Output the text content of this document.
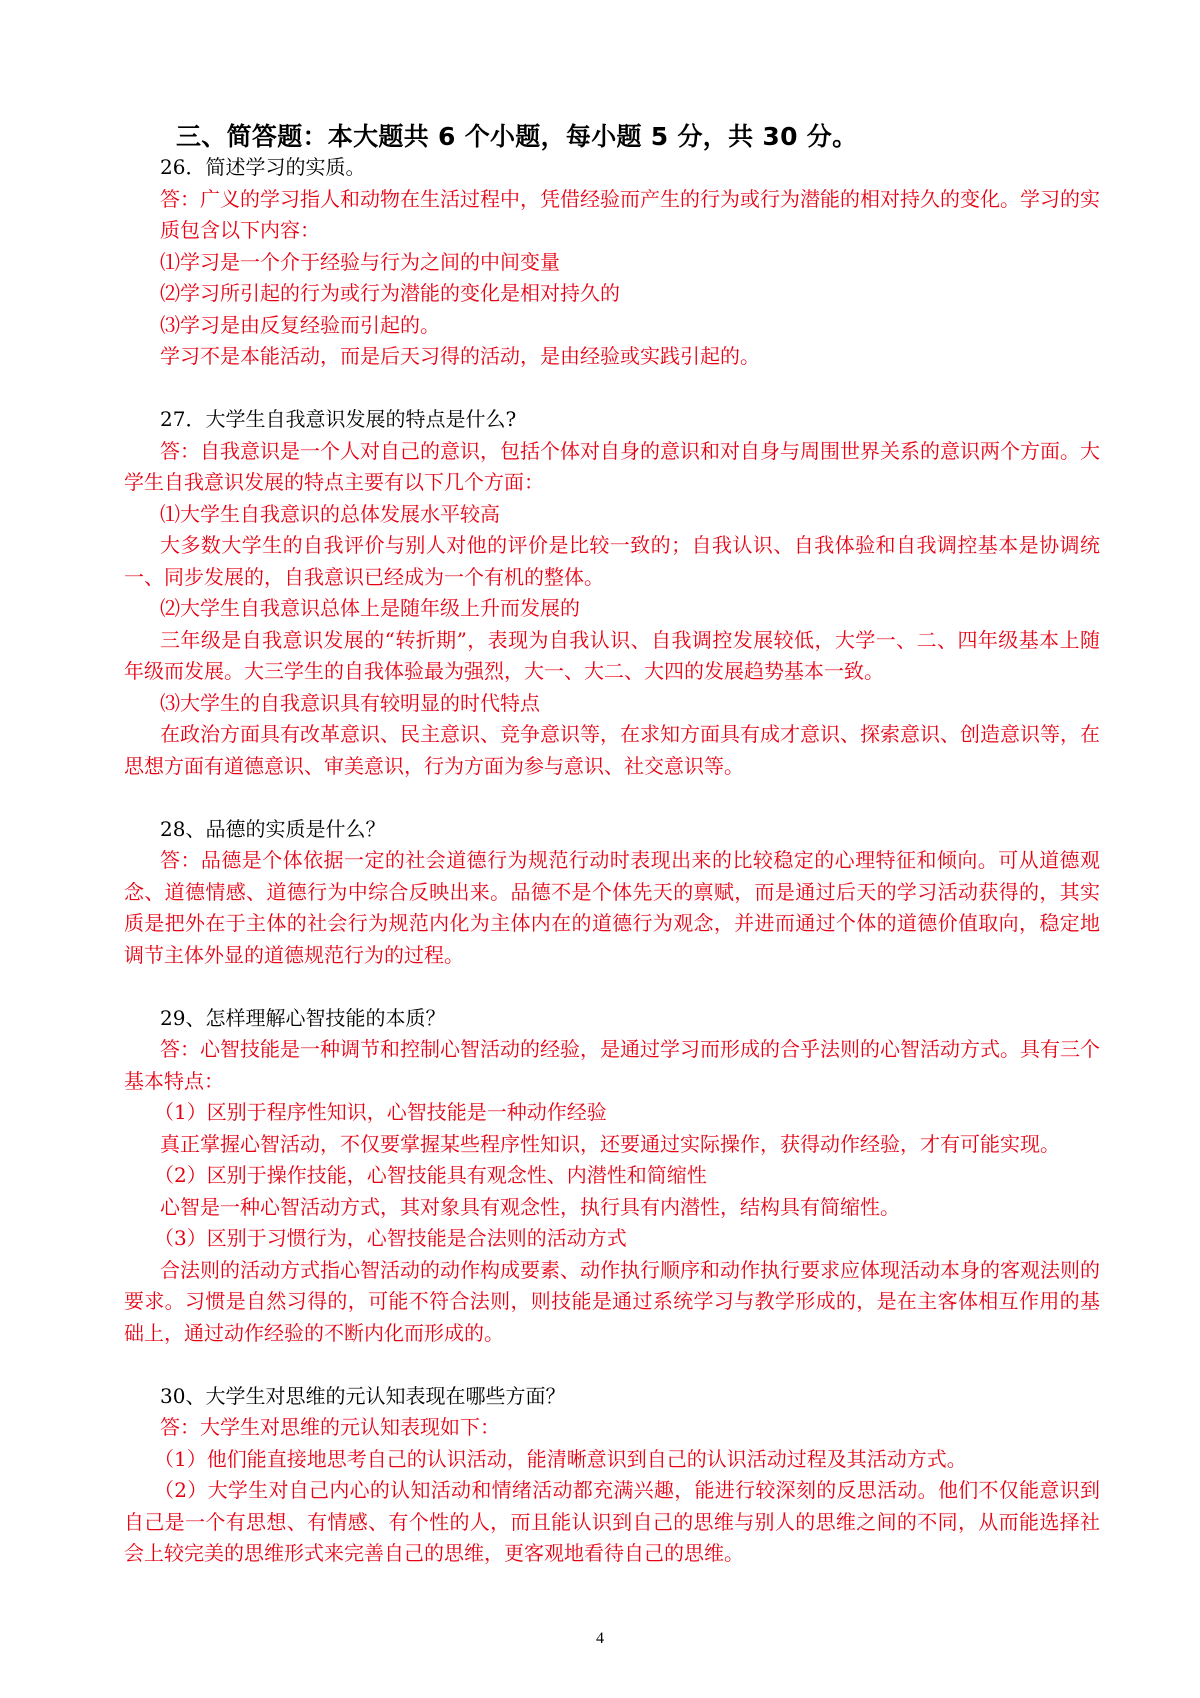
三、简答题：本大题共 6 个小题，每小题 5 分，共 30 分。

26．简述学习的实质。

答：广义的学习指人和动物在生活过程中，凭借经验而产生的行为或行为潜能的相对持久的变化。学习的实质包含以下内容：

⑴学习是一个介于经验与行为之间的中间变量

⑵学习所引起的行为或行为潜能的变化是相对持久的

⑶学习是由反复经验而引起的。

学习不是本能活动，而是后天习得的活动，是由经验或实践引起的。

27．大学生自我意识发展的特点是什么?

答：自我意识是一个人对自己的意识，包括个体对自身的意识和对自身与周围世界关系的意识两个方面。大学生自我意识发展的特点主要有以下几个方面：

⑴大学生自我意识的总体发展水平较高

大多数大学生的自我评价与别人对他的评价是比较一致的；自我认识、自我体验和自我调控基本是协调统一、同步发展的，自我意识已经成为一个有机的整体。

⑵大学生自我意识总体上是随年级上升而发展的

三年级是自我意识发展的“转折期”，表现为自我认识、自我调控发展较低，大学一、二、四年级基本上随年级而发展。大三学生的自我体验最为强烈，大一、大二、大四的发展趋势基本一致。

⑶大学生的自我意识具有较明显的时代特点

在政治方面具有改革意识、民主意识、竞争意识等，在求知方面具有成才意识、探索意识、创造意识等，在思想方面有道德意识、审美意识，行为方面为参与意识、社交意识等。

28、品德的实质是什么？

答：品德是个体依据一定的社会道德行为规范行动时表现出来的比较稳定的心理特征和倾向。可从道德观念、道德情感、道德行为中综合反映出来。品德不是个体先天的禀赋，而是通过后天的学习活动获得的，其实质是把外在于主体的社会行为规范内化为主体内在的道德行为观念，并进而通过个体的道德价值取向，稳定地调节主体外显的道德规范行为的过程。

29、怎样理解心智技能的本质？

答：心智技能是一种调节和控制心智活动的经验，是通过学习而形成的合乎法则的心智活动方式。具有三个基本特点：

（1）区别于程序性知识，心智技能是一种动作经验

真正掌握心智活动，不仅要掌握某些程序性知识，还要通过实际操作，获得动作经验，才有可能实现。

（2）区别于操作技能，心智技能具有观念性、内潜性和简缩性

心智是一种心智活动方式，其对象具有观念性，执行具有内潜性，结构具有简缩性。

（3）区别于习惯行为，心智技能是合法则的活动方式

合法则的活动方式指心智活动的动作构成要素、动作执行顺序和动作执行要求应体现活动本身的客观法则的要求。习惯是自然习得的，可能不符合法则，则技能是通过系统学习与教学形成的，是在主客体相互作用的基础上，通过动作经验的不断内化而形成的。

30、大学生对思维的元认知表现在哪些方面？

答：大学生对思维的元认知表现如下：

（1）他们能直接地思考自己的认识活动，能清晰意识到自己的认识活动过程及其活动方式。

（2）大学生对自己内心的认知活动和情绪活动都充满兴趣，能进行较深刻的反思活动。他们不仅能意识到自己是一个有思想、有情感、有个性的人，而且能认识到自己的思维与别人的思维之间的不同，从而能选择社会上较完美的思维形式来完善自己的思维，更客观地看待自己的思维。

4
